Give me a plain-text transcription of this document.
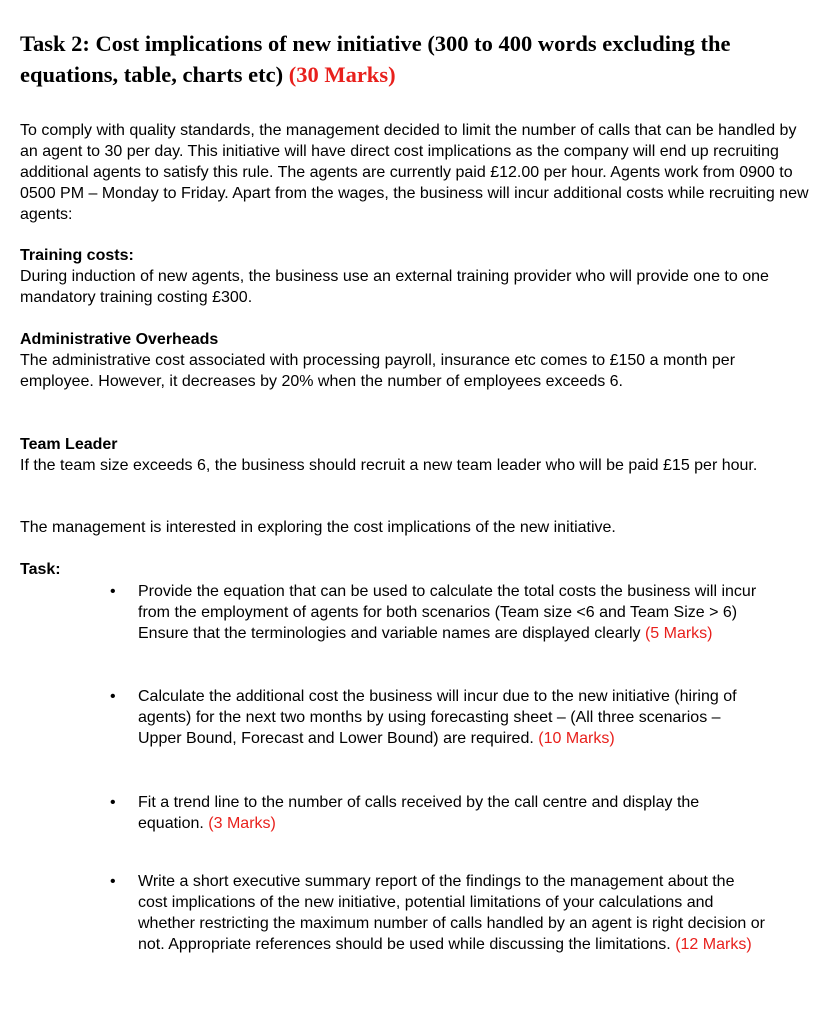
Task 2: Cost implications of new initiative (300 to 400 words excluding the equations, table, charts etc) (30 Marks)

To comply with quality standards, the management decided to limit the number of calls that can be handled by an agent to 30 per day. This initiative will have direct cost implications as the company will end up recruiting additional agents to satisfy this rule. The agents are currently paid £12.00 per hour. Agents work from 0900 to 0500 PM – Monday to Friday. Apart from the wages, the business will incur additional costs while recruiting new agents:

Training costs:
During induction of new agents, the business use an external training provider who will provide one to one mandatory training costing £300.
Administrative Overheads
The administrative cost associated with processing payroll, insurance etc comes to £150 a month per employee. However, it decreases by 20% when the number of employees exceeds 6.
Team Leader
If the team size exceeds 6, the business should recruit a new team leader who will be paid £15 per hour.

The management is interested in exploring the cost implications of the new initiative.

Task:

• Provide the equation that can be used to calculate the total costs the business will incur from the employment of agents for both scenarios (Team size <6 and Team Size > 6) Ensure that the terminologies and variable names are displayed clearly (5 Marks)
• Calculate the additional cost the business will incur due to the new initiative (hiring of agents) for the next two months by using forecasting sheet – (All three scenarios – Upper Bound, Forecast and Lower Bound) are required. (10 Marks)
• Fit a trend line to the number of calls received by the call centre and display the equation. (3 Marks)
• Write a short executive summary report of the findings to the management about the cost implications of the new initiative, potential limitations of your calculations and whether restricting the maximum number of calls handled by an agent is right decision or not. Appropriate references should be used while discussing the limitations. (12 Marks)
